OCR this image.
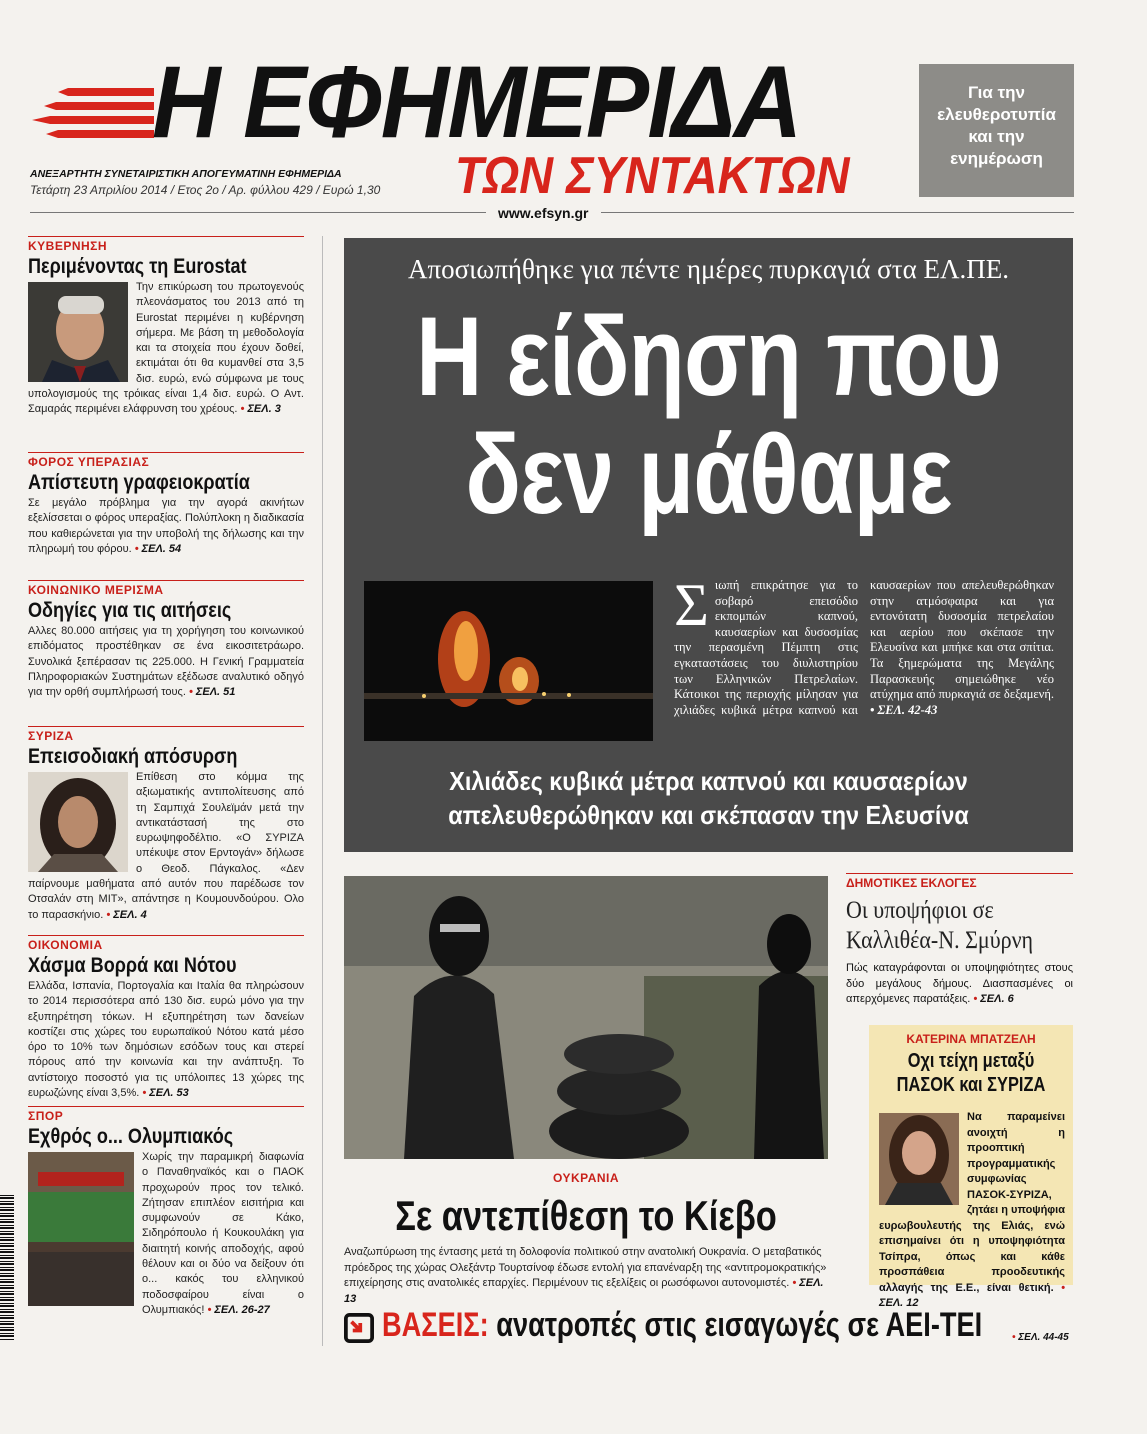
Η ΕΦΗΜΕΡΙΔΑ
ΤΩΝ ΣΥΝΤΑΚΤΩΝ
ΑΝΕΞΑΡΤΗΤΗ ΣΥΝΕΤΑΙΡΙΣΤΙΚΗ ΑΠΟΓΕΥΜΑΤΙΝΗ ΕΦΗΜΕΡΙΔΑ
Τετάρτη 23 Απριλίου 2014 / Ετος 2ο / Αρ. φύλλου 429 / Ευρώ 1,30
www.efsyn.gr
Για την
ελευθεροτυπία
και την
ενημέρωση
ΚΥΒΕΡΝΗΣΗ
Περιμένοντας τη Eurostat
Την επικύρωση του πρωτογενούς πλεονάσματος του 2013 από τη Eurostat περιμένει η κυβέρνηση σήμερα. Με βάση τη μεθοδολογία και τα στοιχεία που έχουν δοθεί, εκτιμάται ότι θα κυμανθεί στα 3,5 δισ. ευρώ, ενώ σύμφωνα με τους υπολογισμούς της τρόικας είναι 1,4 δισ. ευρώ. Ο Αντ. Σαμαράς περιμένει ελάφρυνση του χρέους. • ΣΕΛ. 3
ΦΟΡΟΣ ΥΠΕΡΑΣΙΑΣ
Απίστευτη γραφειοκρατία
Σε μεγάλο πρόβλημα για την αγορά ακινήτων εξελίσσεται ο φόρος υπεραξίας. Πολύπλοκη η διαδικασία που καθιερώνεται για την υποβολή της δήλωσης και την πληρωμή του φόρου. • ΣΕΛ. 54
ΚΟΙΝΩΝΙΚΟ ΜΕΡΙΣΜΑ
Οδηγίες για τις αιτήσεις
Αλλες 80.000 αιτήσεις για τη χορήγηση του κοινωνικού επιδόματος προστέθηκαν σε ένα εικοσιτετράωρο. Συνολικά ξεπέρασαν τις 225.000. Η Γενική Γραμματεία Πληροφοριακών Συστημάτων εξέδωσε αναλυτικό οδηγό για την ορθή συμπλήρωσή τους. • ΣΕΛ. 51
ΣΥΡΙΖΑ
Επεισοδιακή απόσυρση
Επίθεση στο κόμμα της αξιωματικής αντιπολίτευσης από τη Σαμπιχά Σουλεϊμάν μετά την αντικατάστασή της στο ευρωψηφοδέλτιο. «Ο ΣΥΡΙΖΑ υπέκυψε στον Ερντογάν» δήλωσε ο Θεοδ. Πάγκαλος. «Δεν παίρνουμε μαθήματα από αυτόν που παρέδωσε τον Οτσαλάν στη ΜΙΤ», απάντησε η Κουμουνδούρου. Ολο το παρασκήνιο. • ΣΕΛ. 4
ΟΙΚΟΝΟΜΙΑ
Χάσμα Βορρά και Νότου
Ελλάδα, Ισπανία, Πορτογαλία και Ιταλία θα πληρώσουν το 2014 περισσότερα από 130 δισ. ευρώ μόνο για την εξυπηρέτηση τόκων. Η εξυπηρέτηση των δανείων κοστίζει στις χώρες του ευρωπαϊκού Νότου κατά μέσο όρο το 10% των δημόσιων εσόδων τους και στερεί πόρους από την κοινωνία και την ανάπτυξη. Το αντίστοιχο ποσοστό για τις υπόλοιπες 13 χώρες της ευρωζώνης είναι 3,5%. • ΣΕΛ. 53
ΣΠΟΡ
Εχθρός ο... Ολυμπιακός
Χωρίς την παραμικρή διαφωνία ο Παναθηναϊκός και ο ΠΑΟΚ προχωρούν προς τον τελικό. Ζήτησαν επιπλέον εισιτήρια και συμφωνούν σε Κάκο, Σιδηρόπουλο ή Κουκουλάκη για διαιτητή κοινής αποδοχής, αφού θέλουν και οι δύο να δείξουν ότι ο... κακός του ελληνικού ποδοσφαίρου είναι ο Ολυμπιακός! • ΣΕΛ. 26-27
Αποσιωπήθηκε για πέντε ημέρες πυρκαγιά στα ΕΛ.ΠΕ.
Η είδηση που
δεν μάθαμε
Σ ιωπή επικράτησε για το σοβαρό επεισόδιο εκπομπών καπνού, καυσαερίων και δυσοσμίας την περασμένη Πέμπτη στις εγκαταστάσεις του διυλιστηρίου των Ελληνικών Πετρελαίων. Κάτοικοι της περιοχής μίλησαν για χιλιάδες κυβικά μέτρα καπνού και καυσαερίων που απελευθερώθηκαν στην ατμόσφαιρα και για εντονότατη δυσοσμία πετρελαίου και αερίου που σκέπασε την Ελευσίνα και μπήκε και στα σπίτια. Τα ξημερώματα της Μεγάλης Παρασκευής σημειώθηκε νέο ατύχημα από πυρκαγιά σε δεξαμενή. • ΣΕΛ. 42-43
Χιλιάδες κυβικά μέτρα καπνού και καυσαερίων
απελευθερώθηκαν και σκέπασαν την Ελευσίνα
ΟΥΚΡΑΝΙΑ
Σε αντεπίθεση το Κίεβο
Αναζωπύρωση της έντασης μετά τη δολοφονία πολιτικού στην ανατολική Ουκρανία. Ο μεταβατικός πρόεδρος της χώρας Ολεξάντρ Τουρτσίνοφ έδωσε εντολή για επανέναρξη της «αντιτρομοκρατικής» επιχείρησης στις ανατολικές επαρχίες. Περιμένουν τις εξελίξεις οι ρωσόφωνοι αυτονομιστές. • ΣΕΛ. 13
ΔΗΜΟΤΙΚΕΣ ΕΚΛΟΓΕΣ
Οι υποψήφιοι σε
Καλλιθέα-Ν. Σμύρνη
Πώς καταγράφονται οι υποψηφιότητες στους δύο μεγάλους δήμους. Διασπασμένες οι απερχόμενες παρατάξεις. • ΣΕΛ. 6
ΚΑΤΕΡΙΝΑ ΜΠΑΤΖΕΛΗ
Οχι τείχη μεταξύ
ΠΑΣΟΚ και ΣΥΡΙΖΑ
Να παραμείνει ανοιχτή η προοπτική προγραμματικής συμφωνίας ΠΑΣΟΚ-ΣΥΡΙΖΑ, ζητάει η υποψήφια ευρωβουλευτής της Ελιάς, ενώ επισημαίνει ότι η υποψηφιότητα Τσίπρα, όπως και κάθε προσπάθεια προοδευτικής αλλαγής της Ε.Ε., είναι θετική. • ΣΕΛ. 12
ΒΑΣΕΙΣ: ανατροπές στις εισαγωγές σε ΑΕΙ-ΤΕΙ	• ΣΕΛ. 44-45
